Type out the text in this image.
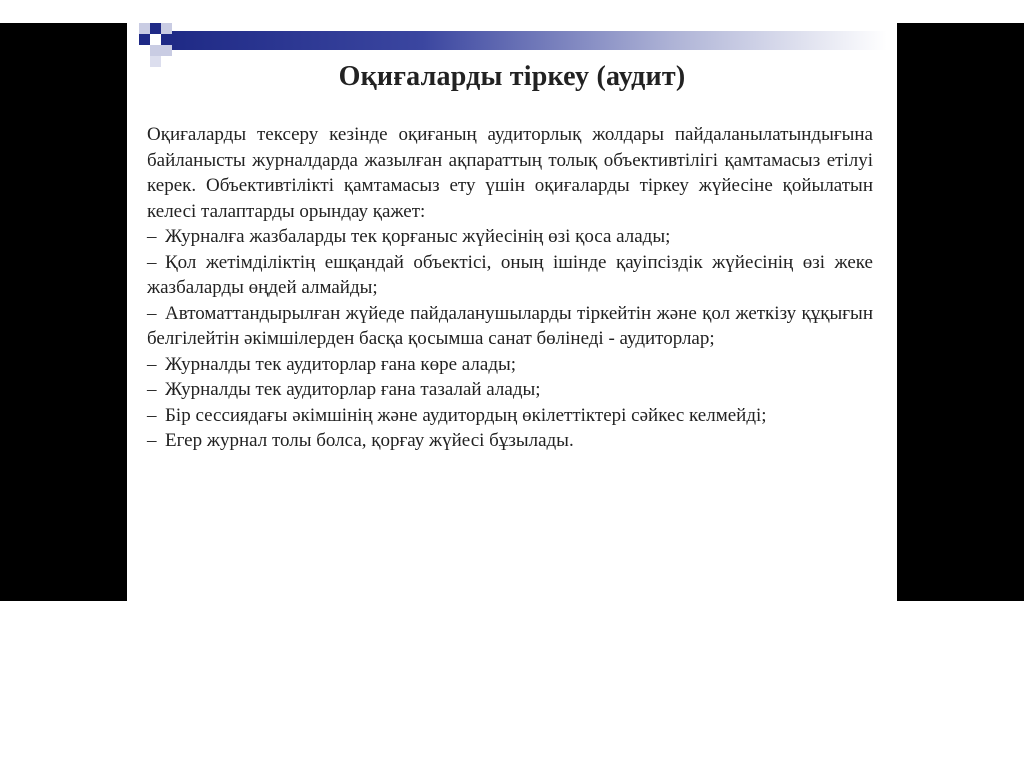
Оқиғаларды тіркеу (аудит)

Оқиғаларды тексеру кезінде оқиғаның аудиторлық жолдары пайдаланылатындығына байланысты журналдарда жазылған ақпараттың толық объективтілігі қамтамасыз етілуі керек. Объективтілікті қамтамасыз ету үшін оқиғаларды тіркеу жүйесіне қойылатын келесі талаптарды орындау қажет:

– Журналға жазбаларды тек қорғаныс жүйесінің өзі қоса алады;

– Қол жетімділіктің ешқандай объектісі, оның ішінде қауіпсіздік жүйесінің өзі жеке жазбаларды өңдей алмайды;

– Автоматтандырылған жүйеде пайдаланушыларды тіркейтін және қол жеткізу құқығын белгілейтін әкімшілерден басқа қосымша санат бөлінеді - аудиторлар;

– Журналды тек аудиторлар ғана көре алады;

– Журналды тек аудиторлар ғана тазалай алады;

– Бір сессиядағы әкімшінің және аудитордың өкілеттіктері сәйкес келмейді;

– Егер журнал толы болса, қорғау жүйесі бұзылады.
